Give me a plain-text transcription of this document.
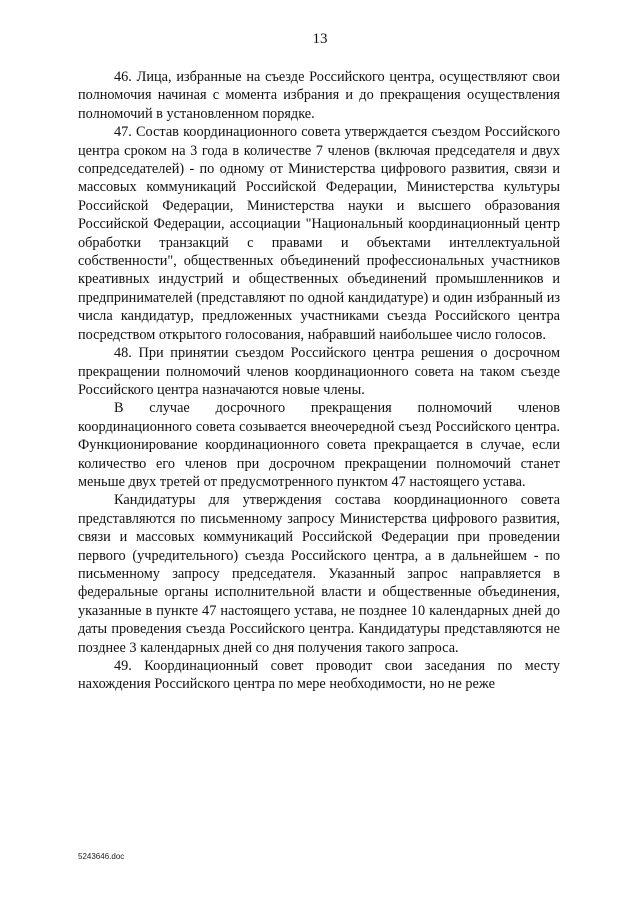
13

46. Лица, избранные на съезде Российского центра, осуществляют свои полномочия начиная с момента избрания и до прекращения осуществления полномочий в установленном порядке.

47. Состав координационного совета утверждается съездом Российского центра сроком на 3 года в количестве 7 членов (включая председателя и двух сопредседателей) - по одному от Министерства цифрового развития, связи и массовых коммуникаций Российской Федерации, Министерства культуры Российской Федерации, Министерства науки и высшего образования Российской Федерации, ассоциации "Национальный координационный центр обработки транзакций с правами и объектами интеллектуальной собственности", общественных объединений профессиональных участников креативных индустрий и общественных объединений промышленников и предпринимателей (представляют по одной кандидатуре) и один избранный из числа кандидатур, предложенных участниками съезда Российского центра посредством открытого голосования, набравший наибольшее число голосов.

48. При принятии съездом Российского центра решения о досрочном прекращении полномочий членов координационного совета на таком съезде Российского центра назначаются новые члены.

В случае досрочного прекращения полномочий членов координационного совета созывается внеочередной съезд Российского центра. Функционирование координационного совета прекращается в случае, если количество его членов при досрочном прекращении полномочий станет меньше двух третей от предусмотренного пунктом 47 настоящего устава.

Кандидатуры для утверждения состава координационного совета представляются по письменному запросу Министерства цифрового развития, связи и массовых коммуникаций Российской Федерации при проведении первого (учредительного) съезда Российского центра, а в дальнейшем - по письменному запросу председателя. Указанный запрос направляется в федеральные органы исполнительной власти и общественные объединения, указанные в пункте 47 настоящего устава, не позднее 10 календарных дней до даты проведения съезда Российского центра. Кандидатуры представляются не позднее 3 календарных дней со дня получения такого запроса.

49. Координационный совет проводит свои заседания по месту нахождения Российского центра по мере необходимости, но не реже

5243646.doc
